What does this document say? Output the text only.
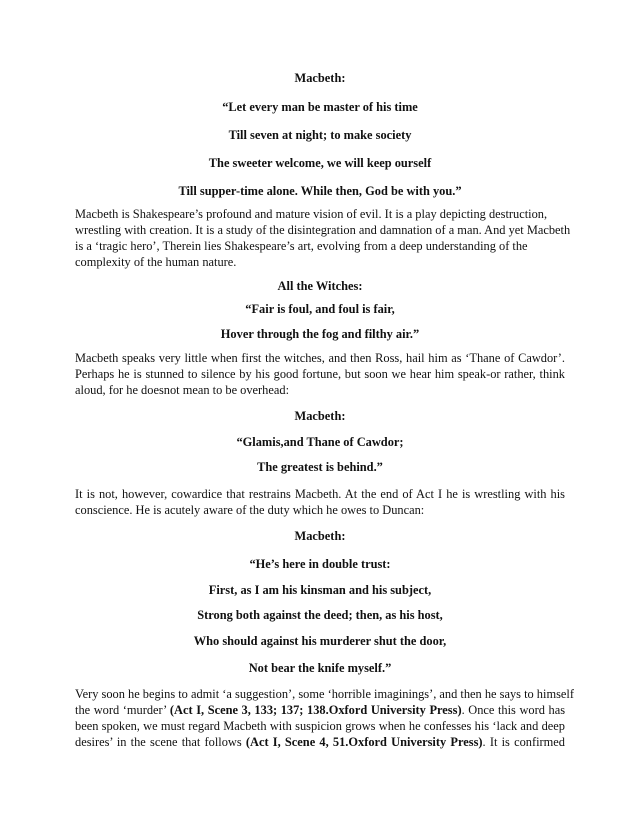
Macbeth:
“Let every man be master of his time
Till seven at night; to make society
The sweeter welcome, we will keep ourself
Till supper-time alone. While then, God be with you.”
Macbeth is Shakespeare’s profound and mature vision of evil. It is a play depicting destruction,
wrestling with creation. It is a study of the disintegration and damnation of a man. And yet Macbeth
is a ‘tragic hero’, Therein lies Shakespeare’s art, evolving from a deep understanding of the
complexity of the human nature.
All the Witches:
“Fair is foul, and foul is fair,
Hover through the fog and filthy air.”
Macbeth speaks very little when first the witches, and then Ross, hail him as ‘Thane of Cawdor’.
Perhaps he is stunned to silence by his good fortune, but soon we hear him speak-or rather, think
aloud, for he doesnot mean to be overhead:
Macbeth:
“Glamis,and Thane of Cawdor;
The greatest is behind.”
It is not, however, cowardice that restrains Macbeth. At the end of Act I he is wrestling with his
conscience. He is acutely aware of the duty which he owes to Duncan:
Macbeth:
“He’s here in double trust:
First, as I am his kinsman and his subject,
Strong both against the deed; then, as his host,
Who should against his murderer shut the door,
Not bear the knife myself.”
Very soon he begins to admit ‘a suggestion’, some ‘horrible imaginings’, and then he says to himself
the word ‘murder’ (Act I, Scene 3, 133; 137; 138.Oxford University Press). Once this word has
been spoken, we must regard Macbeth with suspicion grows when he confesses his ‘lack and deep
desires’ in the scene that follows (Act I, Scene 4, 51.Oxford University Press). It is confirmed
